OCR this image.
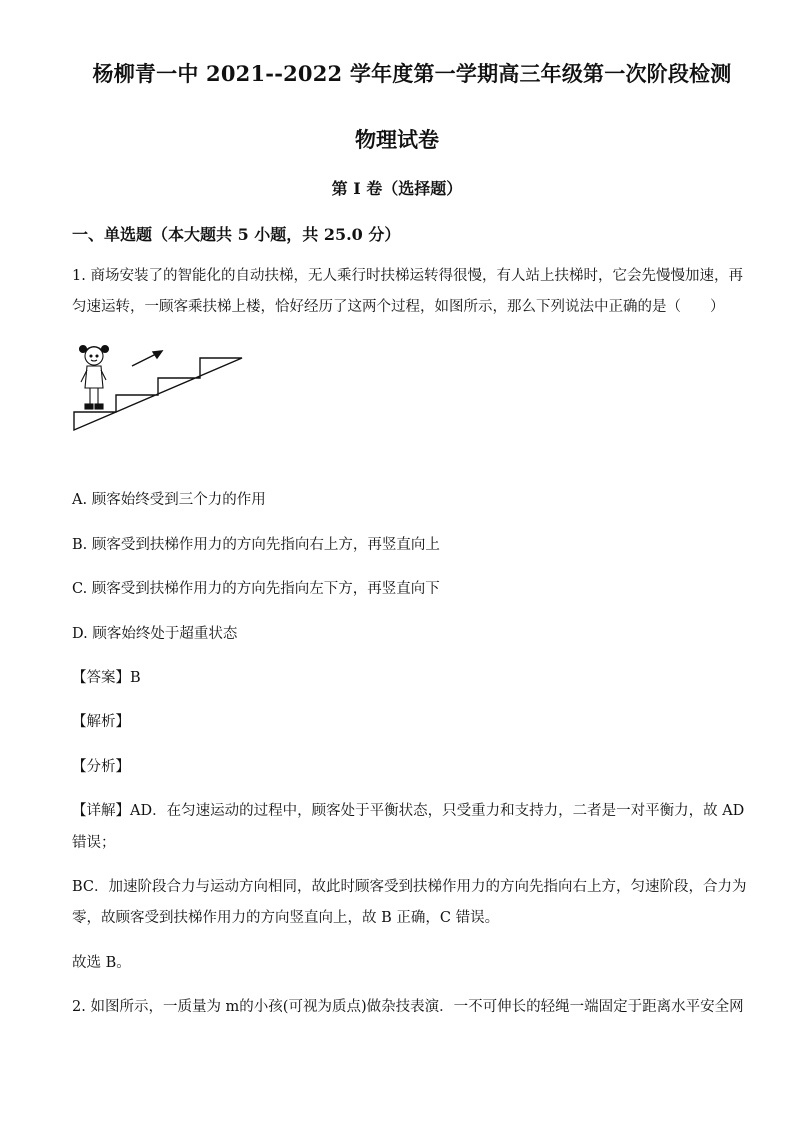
杨柳青一中 2021--2022 学年度第一学期高三年级第一次阶段检测
物理试卷
第 I 卷（选择题）
一、单选题（本大题共 5 小题，共 25.0 分）
1. 商场安装了的智能化的自动扶梯，无人乘行时扶梯运转得很慢，有人站上扶梯时，它会先慢慢加速，再
匀速运转，一顾客乘扶梯上楼，恰好经历了这两个过程，如图所示，那么下列说法中正确的是（　　）
A. 顾客始终受到三个力的作用
B. 顾客受到扶梯作用力的方向先指向右上方，再竖直向上
C. 顾客受到扶梯作用力的方向先指向左下方，再竖直向下
D. 顾客始终处于超重状态
【答案】B
【解析】
【分析】
【详解】AD．在匀速运动的过程中，顾客处于平衡状态，只受重力和支持力，二者是一对平衡力，故 AD
错误；
BC．加速阶段合力与运动方向相同，故此时顾客受到扶梯作用力的方向先指向右上方，匀速阶段，合力为
零，故顾客受到扶梯作用力的方向竖直向上，故 B 正确，C 错误。
故选 B。
2. 如图所示，一质量为 m的小孩(可视为质点)做杂技表演．一不可伸长的轻绳一端固定于距离水平安全网
